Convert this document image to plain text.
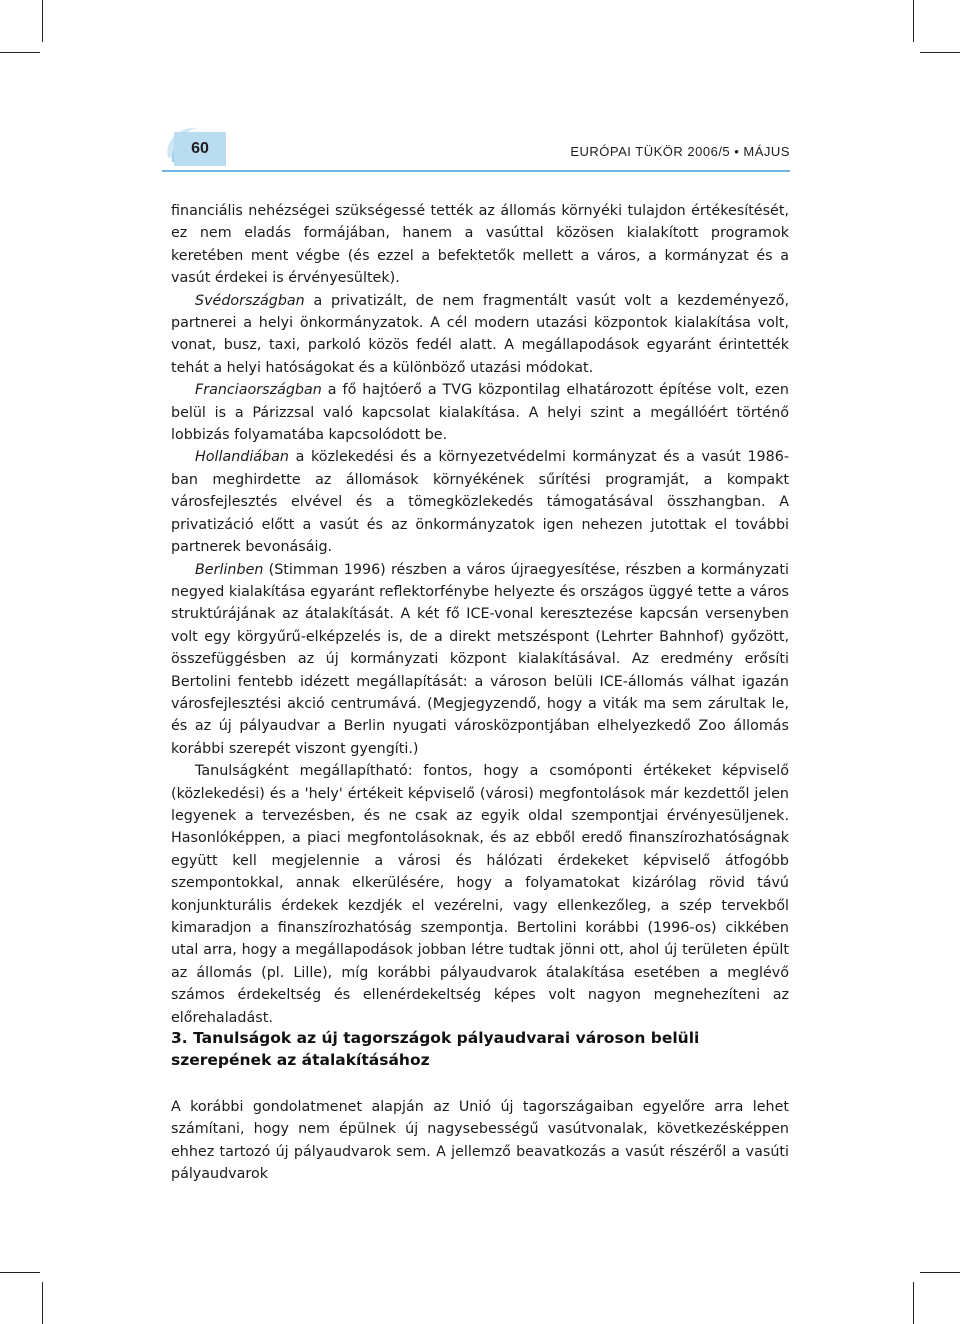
60	EURÓPAI TÜKÖR 2006/5 • MÁJUS

financiális nehézségei szükségessé tették az állomás környéki tulajdon értékesítését, ez nem eladás formájában, hanem a vasúttal közösen kialakított programok keretében ment végbe (és ezzel a befektetők mellett a város, a kormányzat és a vasút érdekei is érvényesültek).

Svédországban a privatizált, de nem fragmentált vasút volt a kezdeményező, partnerei a helyi önkormányzatok. A cél modern utazási központok kialakítása volt, vonat, busz, taxi, parkoló közös fedél alatt. A megállapodások egyaránt érintették tehát a helyi hatóságokat és a különböző utazási módokat.

Franciaországban a fő hajtóerő a TVG központilag elhatározott építése volt, ezen belül is a Párizzsal való kapcsolat kialakítása. A helyi szint a megállóért történő lobbizás folyamatába kapcsolódott be.

Hollandiában a közlekedési és a környezetvédelmi kormányzat és a vasút 1986-ban meghirdette az állomások környékének sűrítési programját, a kompakt városfejlesztés elvével és a tömegközlekedés támogatásával összhangban. A privatizáció előtt a vasút és az önkormányzatok igen nehezen jutottak el további partnerek bevonásáig.

Berlinben (Stimman 1996) részben a város újraegyesítése, részben a kormányzati negyed kialakítása egyaránt reflektorfénybe helyezte és országos üggyé tette a város struktúrájának az átalakítását. A két fő ICE-vonal keresztezése kapcsán versenyben volt egy körgyűrű-elképzelés is, de a direkt metszéspont (Lehrter Bahnhof) győzött, összefüggésben az új kormányzati központ kialakításával. Az eredmény erősíti Bertolini fentebb idézett megállapítását: a városon belüli ICE-állomás válhat igazán városfejlesztési akció centrumává. (Megjegyzendő, hogy a viták ma sem zárultak le, és az új pályaudvar a Berlin nyugati városközpontjában elhelyezkedő Zoo állomás korábbi szerepét viszont gyengíti.)

Tanulságként megállapítható: fontos, hogy a csomóponti értékeket képviselő (közlekedési) és a 'hely' értékeit képviselő (városi) megfontolások már kezdettől jelen legyenek a tervezésben, és ne csak az egyik oldal szempontjai érvényesüljenek. Hasonlóképpen, a piaci megfontolásoknak, és az ebből eredő finanszírozhatóságnak együtt kell megjelennie a városi és hálózati érdekeket képviselő átfogóbb szempontokkal, annak elkerülésére, hogy a folyamatokat kizárólag rövid távú konjunkturális érdekek kezdjék el vezérelni, vagy ellenkezőleg, a szép tervekből kimaradjon a finanszírozhatóság szempontja. Bertolini korábbi (1996-os) cikkében utal arra, hogy a megállapodások jobban létre tudtak jönni ott, ahol új területen épült az állomás (pl. Lille), míg korábbi pályaudvarok átalakítása esetében a meglévő számos érdekeltség és ellenérdekeltség képes volt nagyon megnehezíteni az előrehaladást.

3. Tanulságok az új tagországok pályaudvarai városon belüli szerepének az átalakításához

A korábbi gondolatmenet alapján az Unió új tagországaiban egyelőre arra lehet számítani, hogy nem épülnek új nagysebességű vasútvonalak, következésképpen ehhez tartozó új pályaudvarok sem. A jellemző beavatkozás a vasút részéről a vasúti pályaudvarok
